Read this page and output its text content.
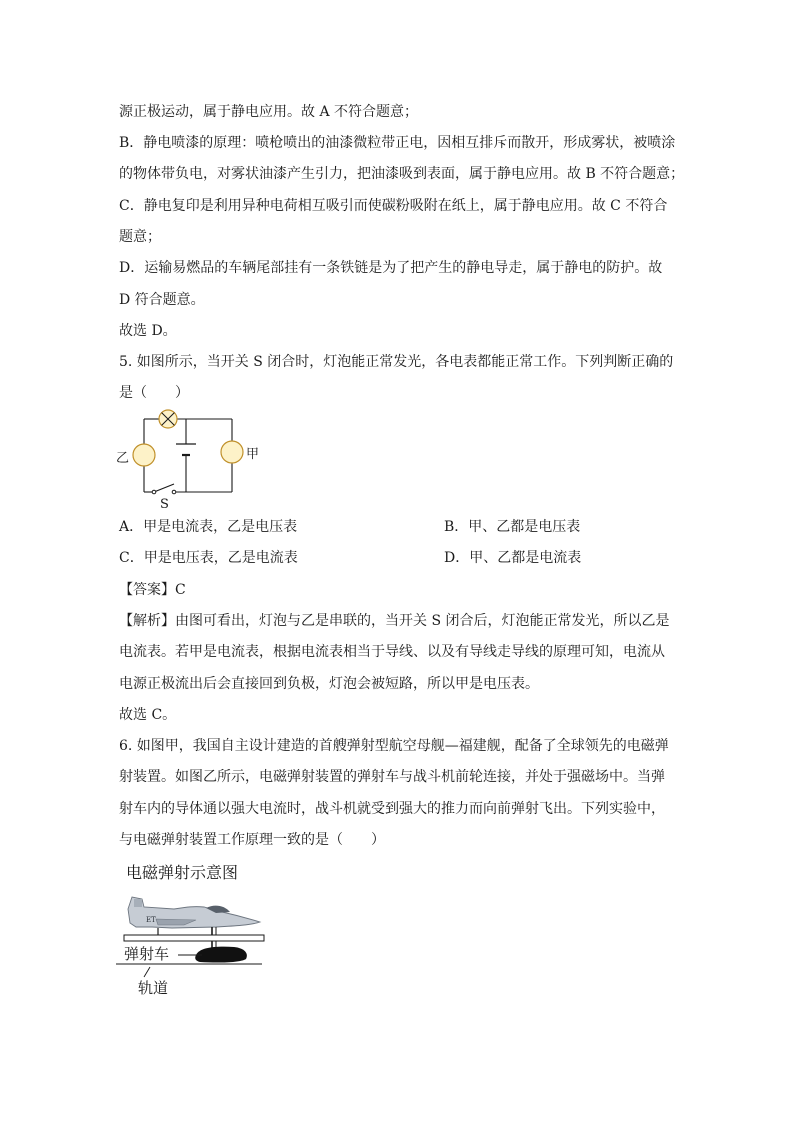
源正极运动，属于静电应用。故 A 不符合题意；
B．静电喷漆的原理：喷枪喷出的油漆微粒带正电，因相互排斥而散开，形成雾状，被喷涂
的物体带负电，对雾状油漆产生引力，把油漆吸到表面，属于静电应用。故 B 不符合题意；
C．静电复印是利用异种电荷相互吸引而使碳粉吸附在纸上，属于静电应用。故 C 不符合
题意；
D．运输易燃品的车辆尾部挂有一条铁链是为了把产生的静电导走，属于静电的防护。故
D 符合题意。
故选 D。
5. 如图所示，当开关 S 闭合时，灯泡能正常发光，各电表都能正常工作。下列判断正确的
是（　　）
乙	甲
S
A．甲是电流表，乙是电压表	B．甲、乙都是电压表
C．甲是电压表，乙是电流表	D．甲、乙都是电流表
【答案】C
【解析】由图可看出，灯泡与乙是串联的，当开关 S 闭合后，灯泡能正常发光，所以乙是
电流表。若甲是电流表，根据电流表相当于导线、以及有导线走导线的原理可知，电流从
电源正极流出后会直接回到负极，灯泡会被短路，所以甲是电压表。
故选 C。
6. 如图甲，我国自主设计建造的首艘弹射型航空母舰—福建舰，配备了全球领先的电磁弹
射装置。如图乙所示，电磁弹射装置的弹射车与战斗机前轮连接，并处于强磁场中。当弹
射车内的导体通以强大电流时，战斗机就受到强大的推力而向前弹射飞出。下列实验中，
与电磁弹射装置工作原理一致的是（　　）
电磁弹射示意图
ET
弹射车
轨道
